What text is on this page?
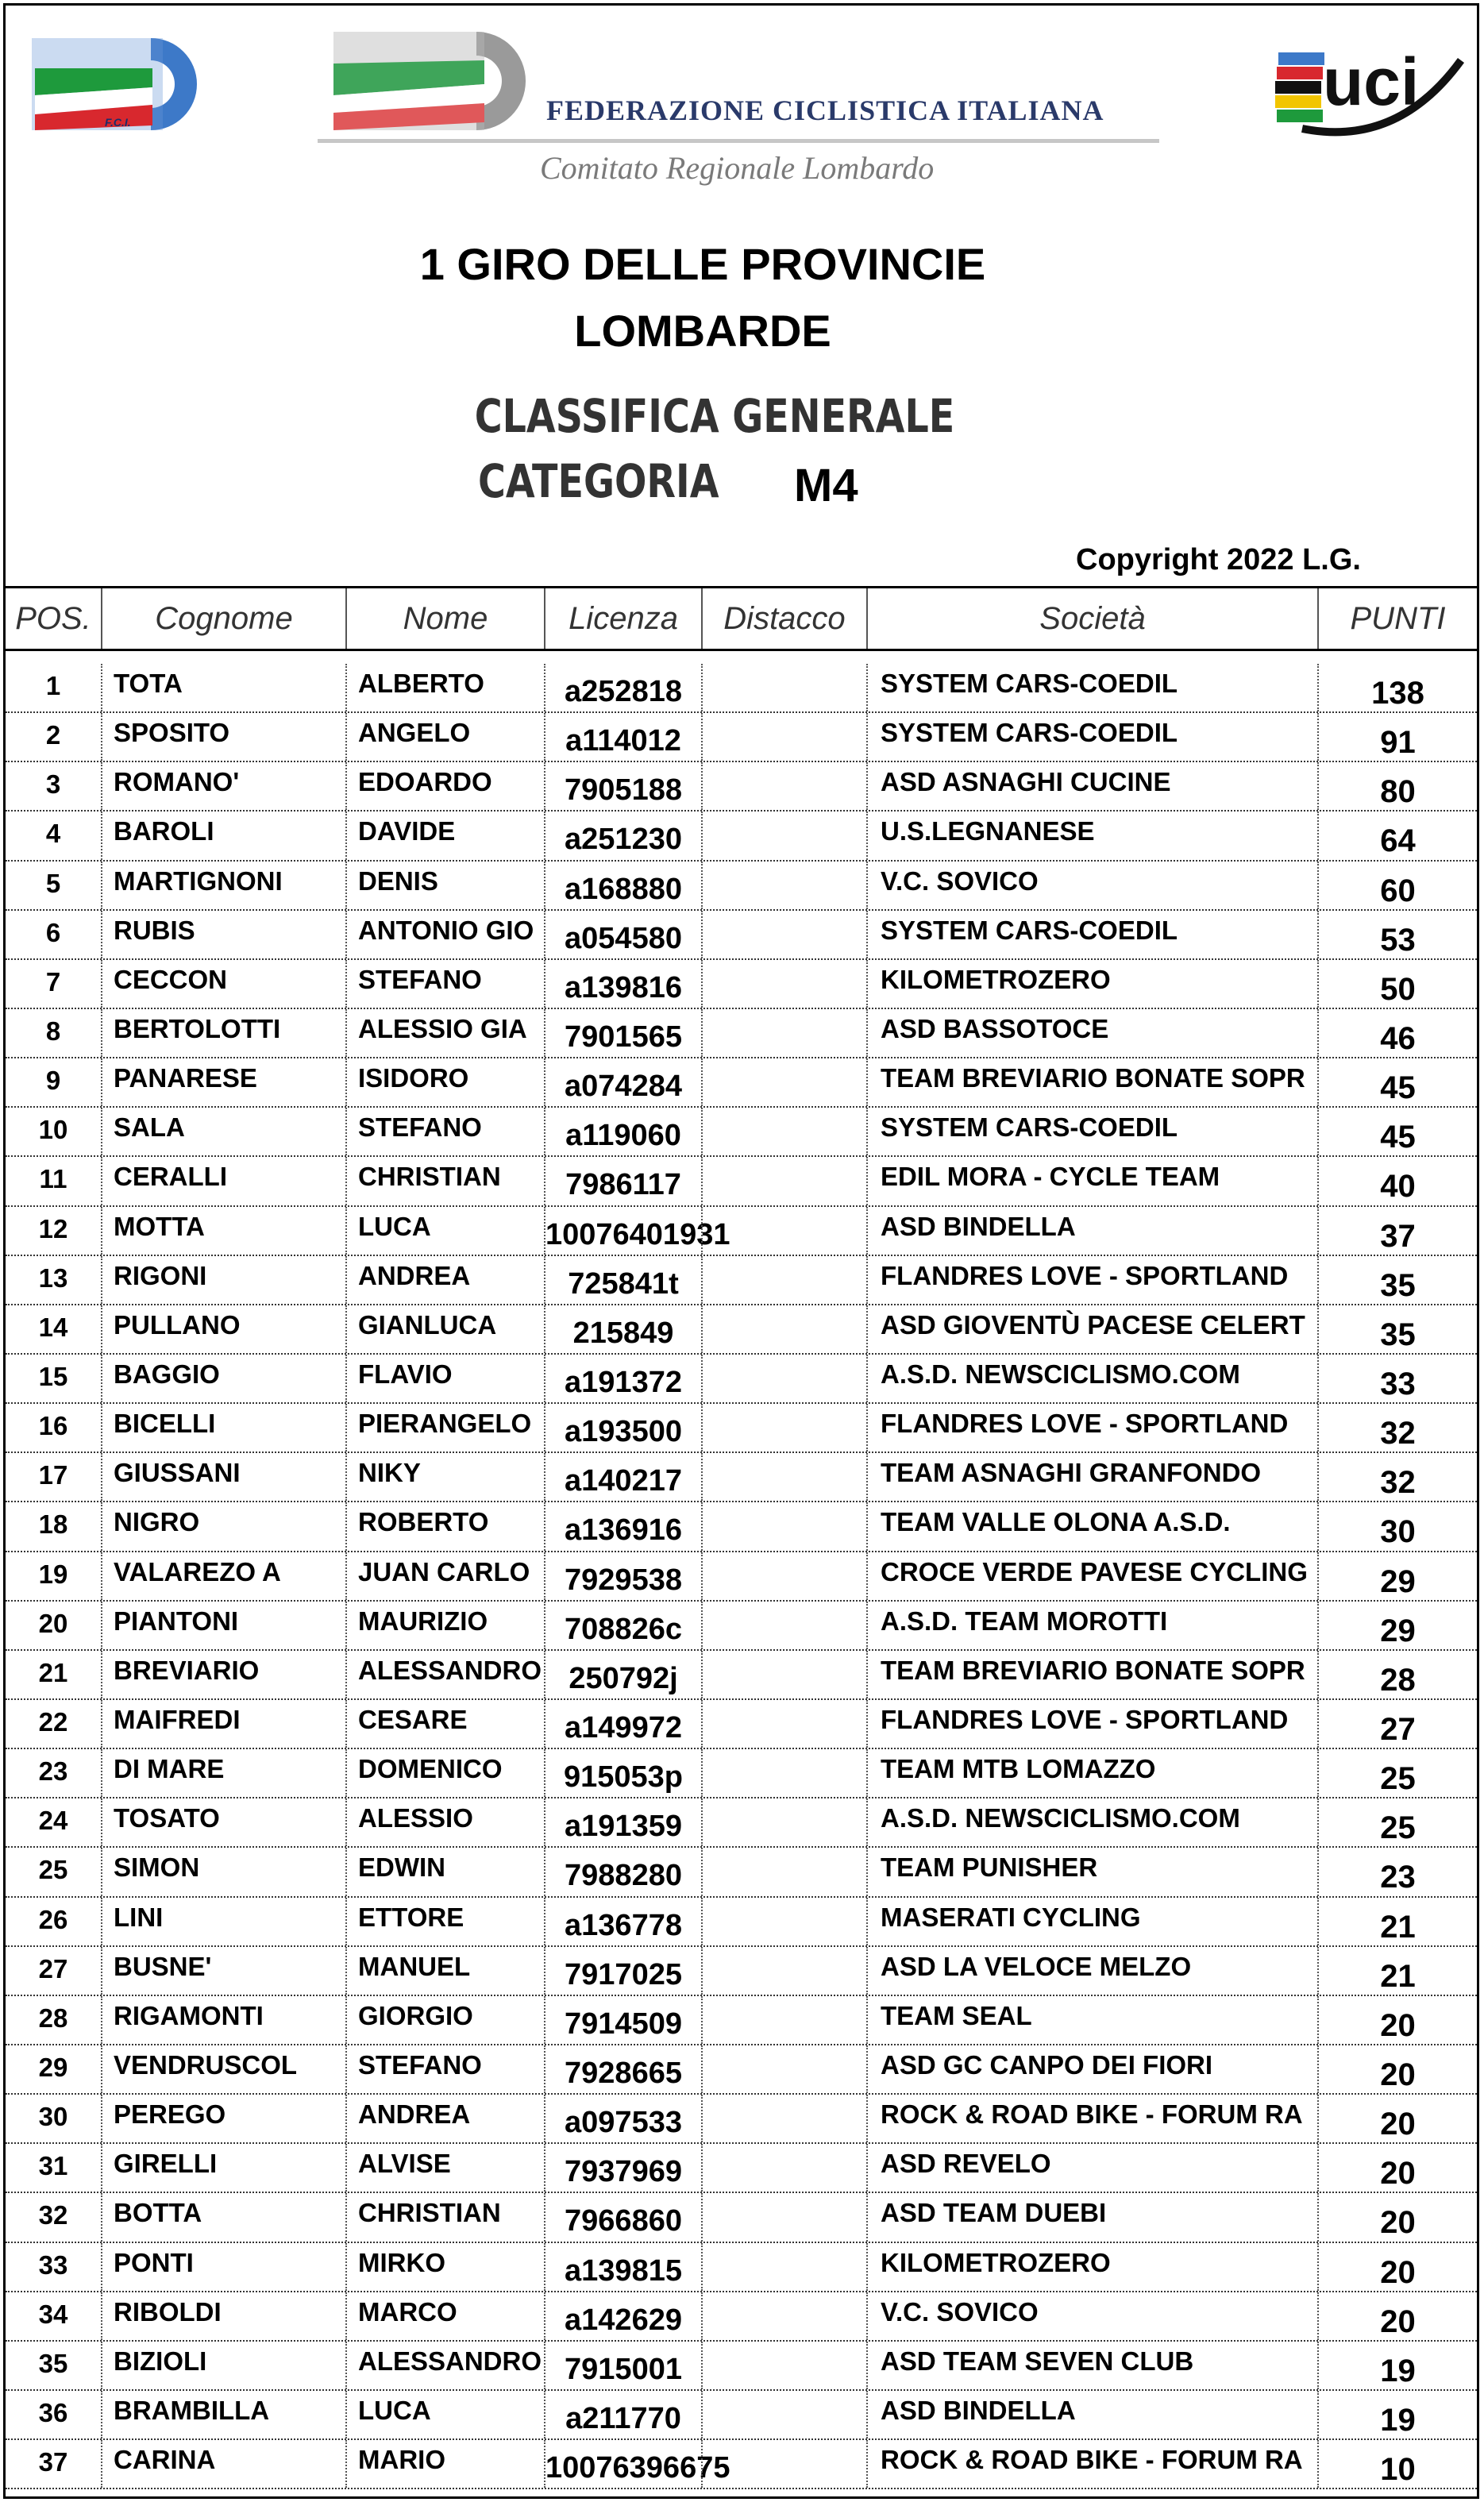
F.C.I.	FEDERAZIONE CICLISTICA ITALIANA
Comitato Regionale Lombardo
uci
1 GIRO DELLE PROVINCIE
LOMBARDE
CLASSIFICA GENERALE
CATEGORIA M4
Copyright 2022 L.G.
POS.	Cognome	Nome	Licenza	Distacco	Società	PUNTI
1	TOTA	ALBERTO	a252818	SYSTEM CARS-COEDIL	138
2	SPOSITO	ANGELO	a114012	SYSTEM CARS-COEDIL	91
3	ROMANO'	EDOARDO	7905188	ASD ASNAGHI CUCINE	80
4	BAROLI	DAVIDE	a251230	U.S.LEGNANESE	64
5	MARTIGNONI	DENIS	a168880	V.C. SOVICO	60
6	RUBIS	ANTONIO GIO	a054580	SYSTEM CARS-COEDIL	53
7	CECCON	STEFANO	a139816	KILOMETROZERO	50
8	BERTOLOTTI	ALESSIO GIA	7901565	ASD BASSOTOCE	46
9	PANARESE	ISIDORO	a074284	TEAM BREVIARIO BONATE SOPR	45
10	SALA	STEFANO	a119060	SYSTEM CARS-COEDIL	45
11	CERALLI	CHRISTIAN	7986117	EDIL MORA - CYCLE TEAM	40
12	MOTTA	LUCA	10076401931	ASD BINDELLA	37
13	RIGONI	ANDREA	725841t	FLANDRES LOVE - SPORTLAND	35
14	PULLANO	GIANLUCA	215849	ASD GIOVENTÙ PACESE CELERT	35
15	BAGGIO	FLAVIO	a191372	A.S.D. NEWSCICLISMO.COM	33
16	BICELLI	PIERANGELO	a193500	FLANDRES LOVE - SPORTLAND	32
17	GIUSSANI	NIKY	a140217	TEAM ASNAGHI GRANFONDO	32
18	NIGRO	ROBERTO	a136916	TEAM VALLE OLONA A.S.D.	30
19	VALAREZO A	JUAN CARLO	7929538	CROCE VERDE PAVESE CYCLING	29
20	PIANTONI	MAURIZIO	708826c	A.S.D. TEAM MOROTTI	29
21	BREVIARIO	ALESSANDRO 250792j	TEAM BREVIARIO BONATE SOPR	28
22	MAIFREDI	CESARE	a149972	FLANDRES LOVE - SPORTLAND	27
23	DI MARE	DOMENICO	915053p	TEAM MTB LOMAZZO	25
24	TOSATO	ALESSIO	a191359	A.S.D. NEWSCICLISMO.COM	25
25	SIMON	EDWIN	7988280	TEAM PUNISHER	23
26	LINI	ETTORE	a136778	MASERATI CYCLING	21
27	BUSNE'	MANUEL	7917025	ASD LA VELOCE MELZO	21
28	RIGAMONTI	GIORGIO	7914509	TEAM SEAL	20
29	VENDRUSCOL	STEFANO	7928665	ASD GC CANPO DEI FIORI	20
30	PEREGO	ANDREA	a097533	ROCK & ROAD BIKE - FORUM RA	20
31	GIRELLI	ALVISE	7937969	ASD REVELO	20
32	BOTTA	CHRISTIAN	7966860	ASD TEAM DUEBI	20
33	PONTI	MIRKO	a139815	KILOMETROZERO	20
34	RIBOLDI	MARCO	a142629	V.C. SOVICO	20
35	BIZIOLI	ALESSANDRO 7915001	ASD TEAM SEVEN CLUB	19
36	BRAMBILLA	LUCA	a211770	ASD BINDELLA	19
37	CARINA	MARIO	10076396675	ROCK & ROAD BIKE - FORUM RA	10
